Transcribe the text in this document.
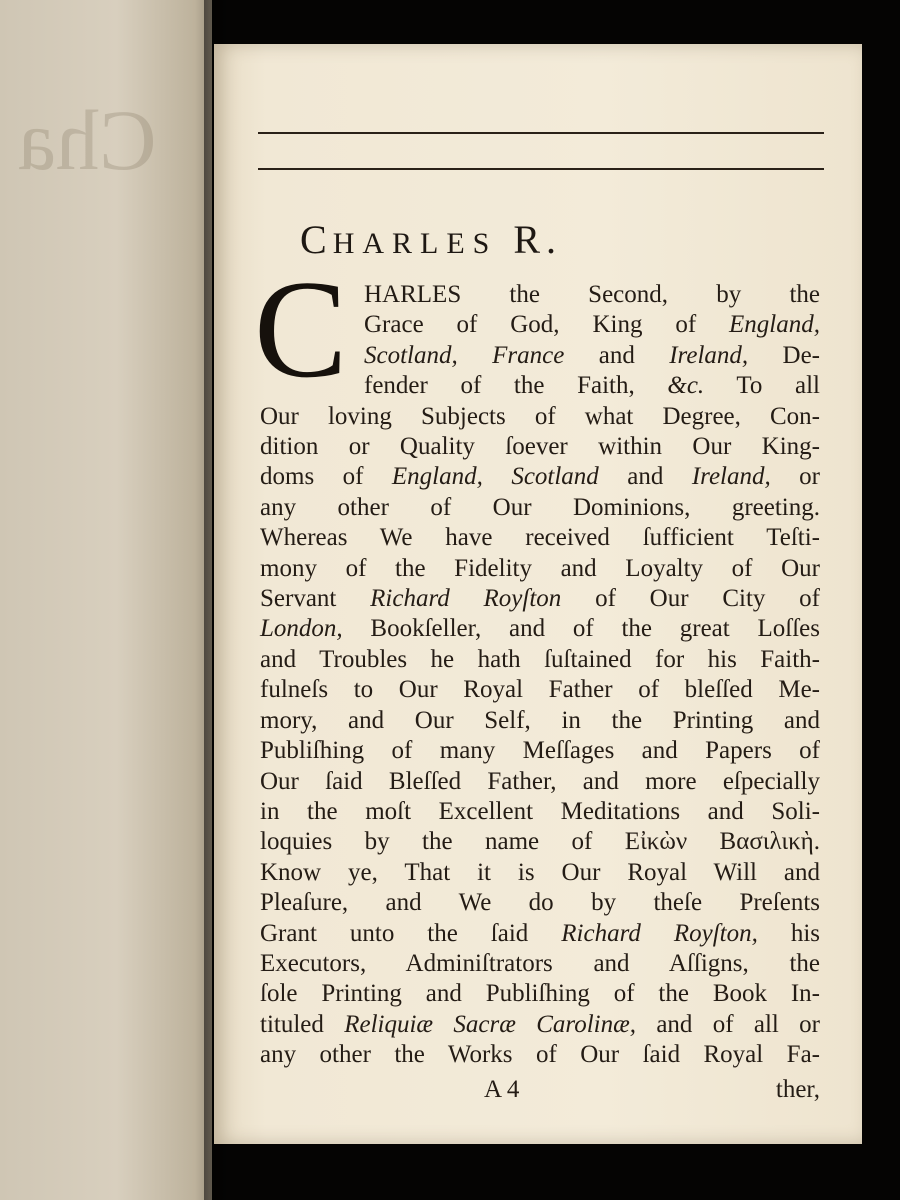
Cha
CHARLES R.
C HARLES the Second, by the
Grace of God, King of England,
Scotland, France and Ireland, De-
fender of the Faith, &c. To all
Our loving Subjects of what Degree, Con-
dition or Quality ſoever within Our King-
doms of England, Scotland and Ireland, or
any other of Our Dominions, greeting.
Whereas We have received ſufficient Teſti-
mony of the Fidelity and Loyalty of Our
Servant Richard Royſton of Our City of
London, Bookſeller, and of the great Loſſes
and Troubles he hath ſuſtained for his Faith-
fulneſs to Our Royal Father of bleſſed Me-
mory, and Our Self, in the Printing and
Publiſhing of many Meſſages and Papers of
Our ſaid Bleſſed Father, and more eſpecially
in the moſt Excellent Meditations and Soli-
loquies by the name of Εἰκὼν Βασιλικὴ.
Know ye, That it is Our Royal Will and
Pleaſure, and We do by theſe Preſents
Grant unto the ſaid Richard Royſton, his
Executors, Adminiſtrators and Aſſigns, the
ſole Printing and Publiſhing of the Book In-
tituled Reliquiæ Sacræ Carolinæ, and of all or
any other the Works of Our ſaid Royal Fa-
A 4	ther,
